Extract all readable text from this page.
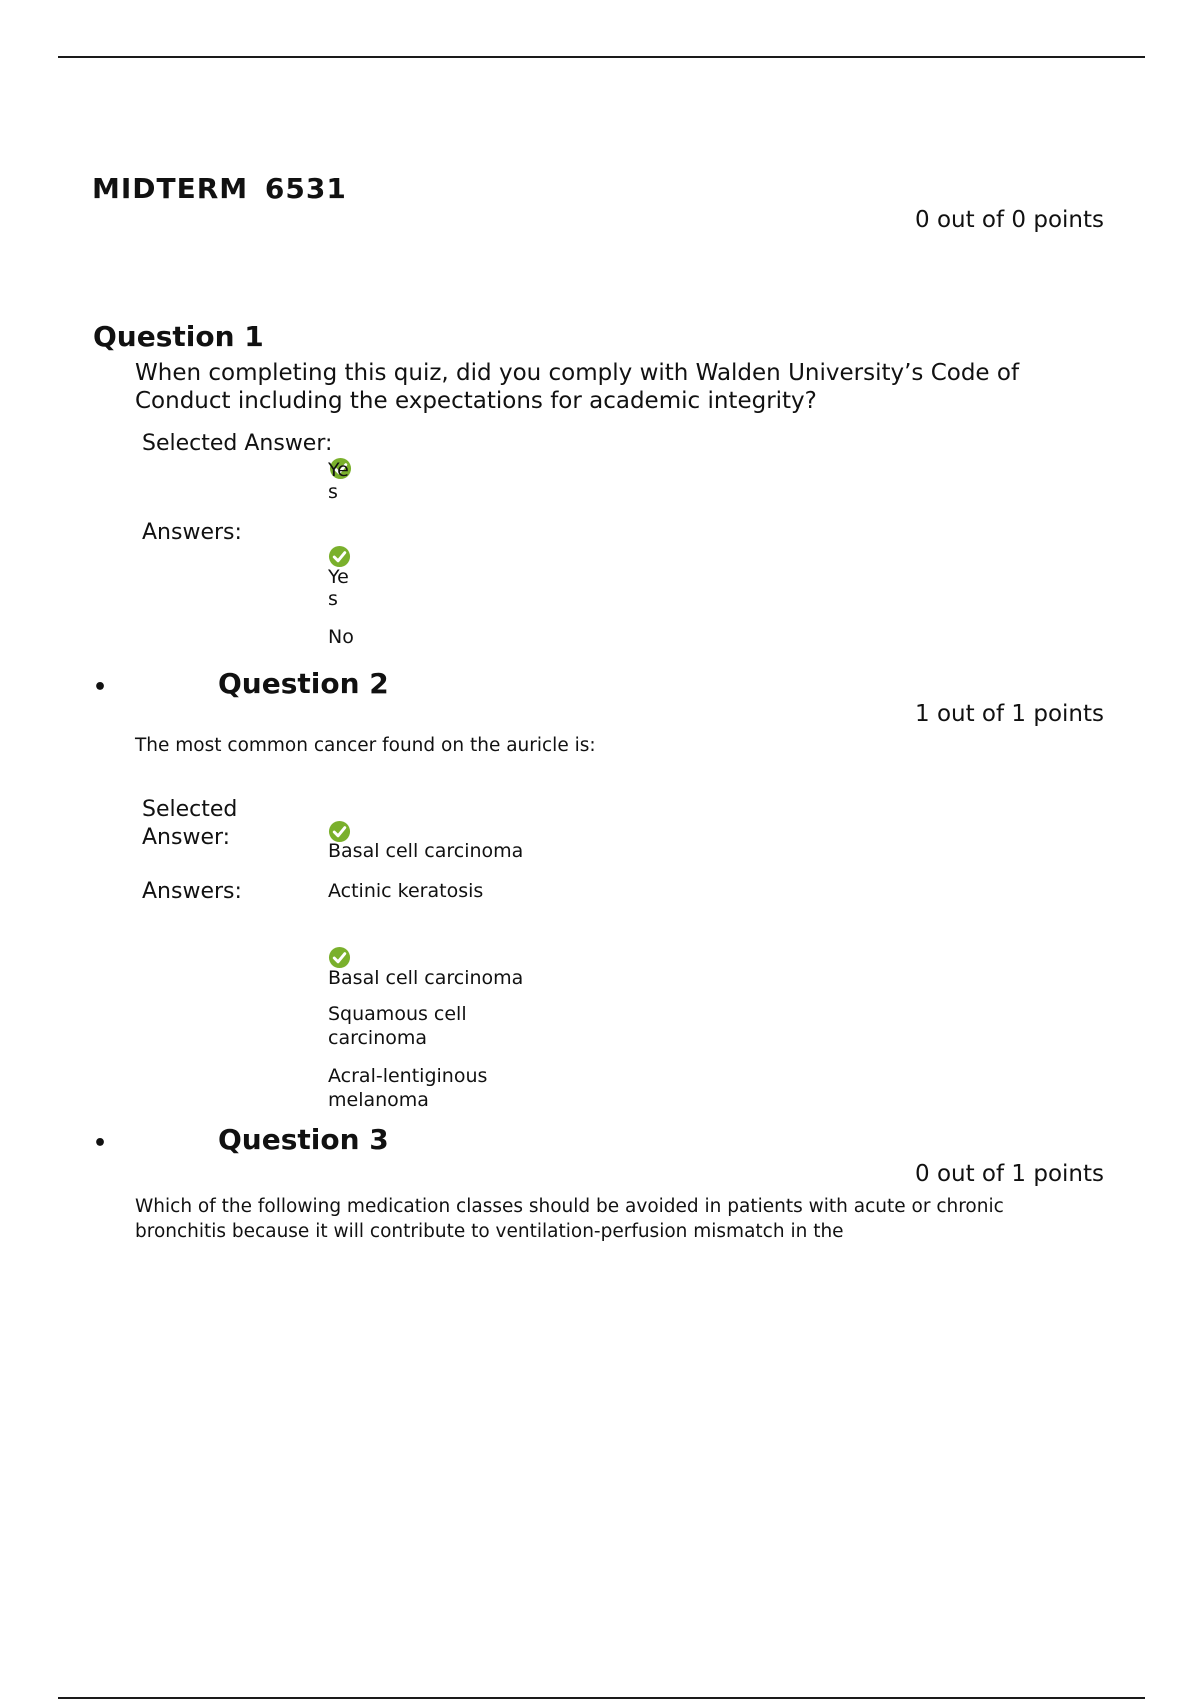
MIDTERM 6531
0 out of 0 points
Question 1
When completing this quiz, did you comply with Walden University’s Code of Conduct including the expectations for academic integrity?
Selected Answer:
Yes
Answers:
Yes
No
•	Question 2
1 out of 1 points
The most common cancer found on the auricle is:
Selected Answer:
Basal cell carcinoma
Answers:	Actinic keratosis
Basal cell carcinoma
Squamous cell carcinoma
Acral-lentiginous melanoma
•	Question 3
0 out of 1 points
Which of the following medication classes should be avoided in patients with acute or chronic bronchitis because it will contribute to ventilation-perfusion mismatch in the
